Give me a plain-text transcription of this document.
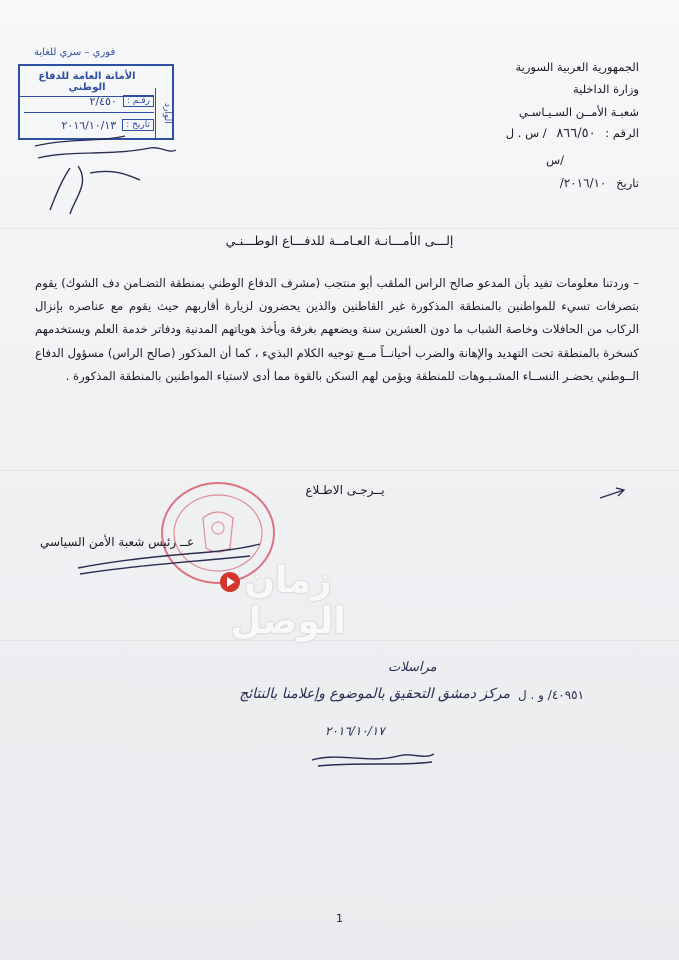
الجمهورية العربية السورية
وزارة الداخلية
شعبـة الأمــن السـيـاسـي
الرقم : ٨٦٦/٥٠ / س . ل
/س
تاريخ ٢٠١٦/١٠/
فوري – سري للغاية
الأمانة العامة للدفاع الوطني
الوارد
رقـم :
٢/٤٥٠
تاريخ :
٢٠١٦/١٠/١٣
إلـــى الأمـــانـة العـامــة للدفـــاع الوطـــنـي
– وردتنا معلومات تفيد بأن المدعو صالح الراس الملقب أبو منتجب (مشرف الدفاع الوطني بمنطقة التضـامن دف الشوك) يقوم بتصرفات تسيء للمواطنين بالمنطقة المذكورة غير القاطنين والذين يحضرون لزيارة أقاربهم حيث يقوم مع عناصره بإنزال الركاب من الحافلات وخاصة الشباب ما دون العشرين سنة ويضعهم بغرفة ويأخذ هوياتهم المدنية ودفاتر خدمة العلم ويستخدمهم كسخرة بالمنطقة تحت التهديد والإهانة والضرب أحيانــاً مــع توجيه الكلام البذيء ، كما أن المذكور (صالح الراس) مسؤول الدفاع الــوطني يحضـر النســاء المشـبـوهات للمنطقة ويؤمن لهم السكن بالقوة مما أدى لاستياء المواطنين بالمنطقة المذكورة .
يــرجـى الاطـلاع
عــ رئيس شعبة الأمن السياسي
زمان الوصل
مراسلات
٤٠٩٥١/ و . ل
مركز دمشق التحقيق بالموضوع وإعلامنا بالنتائج
٢٠١٦/١٠/١٧
1
